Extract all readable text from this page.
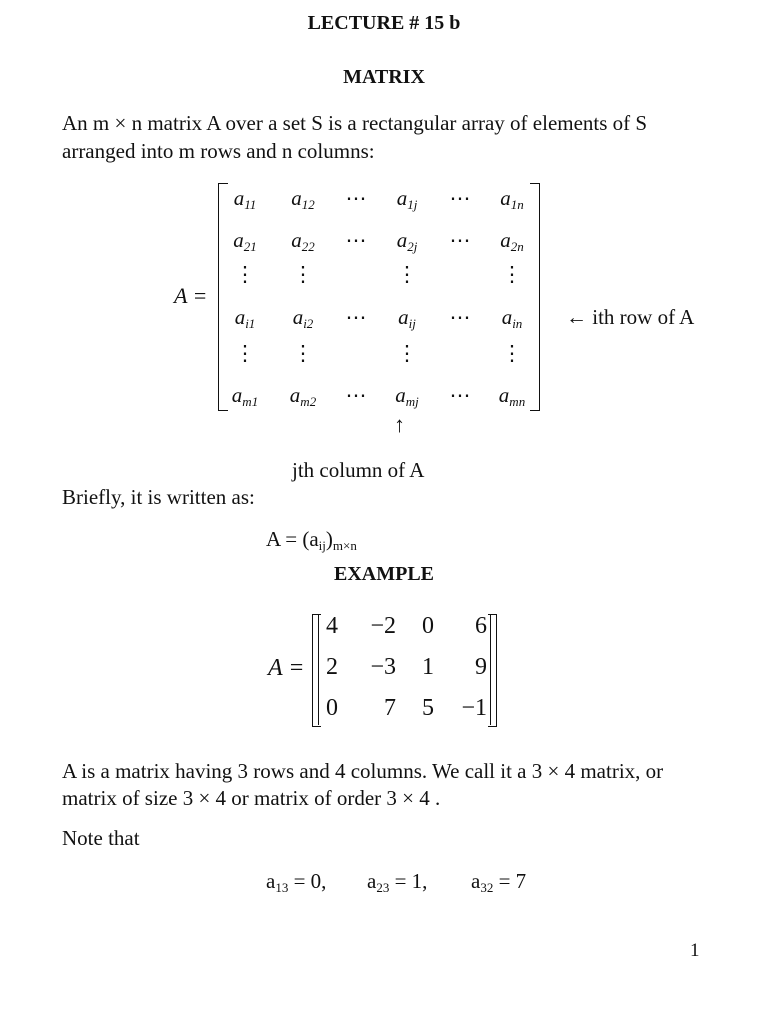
LECTURE # 15 b
MATRIX
An m × n matrix A over a set S is a rectangular array of elements of S
arranged into m rows and n columns:
A =
$a_{11}$ $a_{12}$ ⋯ $a_{1j}$ ⋯ $a_{1n}$
$a_{21}$ $a_{22}$ ⋯ $a_{2j}$ ⋯ $a_{2n}$
⋮ ⋮	⋮	⋮
$a_{i1}$ $a_{i2}$ ⋯ $a_{ij}$ ⋯ $a_{in}$
⋮ ⋮	⋮	⋮
$a_{m1}$ $a_{m2}$ ⋯ $a_{mj}$ ⋯ $a_{mn}$
← ith row of A
↑
jth column of A
Briefly, it is written as:
$A = (a_{ij})_{m\times n}$
EXAMPLE
A =
4 −2 0 6
2 −3 1 9
0 7 5 −1
A is a matrix having 3 rows and 4 columns. We call it a 3 × 4 matrix, or
matrix of size 3 × 4 or matrix of order 3 × 4 .
Note that
$a_{13} = 0$, $a_{23} = 1$, $a_{32} = 7$
1
